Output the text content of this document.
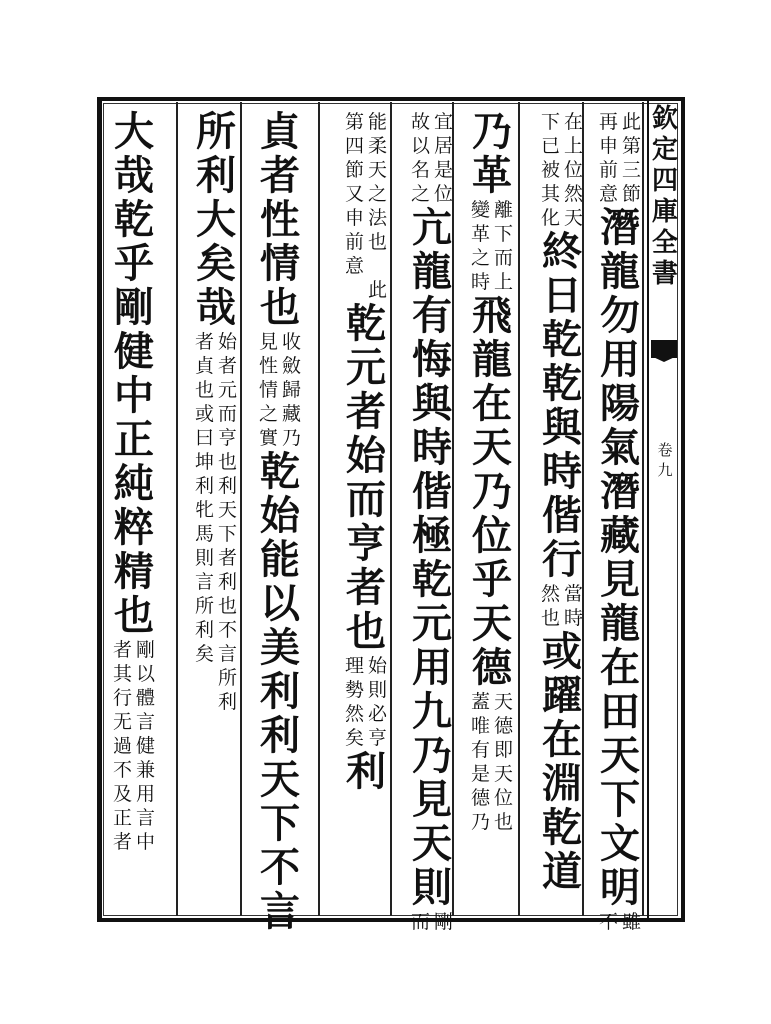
欽
定
四
庫
全
書
卷
九
此
第
三
節
再
申
前
意
潛
龍
勿
用
陽
氣
潛
藏
見
龍
在
田
天
下
文
明
雖
不
在
上
位
然
天
下
已
被
其
化
終
日
乾
乾
與
時
偕
行
當
時
然
也
或
躍
在
淵
乾
道
乃
革
離
下
而
上
變
革
之
時
飛
龍
在
天
乃
位
乎
天
德
天
德
即
天
位
也
蓋
唯
有
是
德
乃
宜
居
是
位
故
以
名
之
亢
龍
有
悔
與
時
偕
極
乾
元
用
九
乃
見
天
則
剛
而
能
柔
天
之
法
也
第
四
節
又
申
前
意
此
乾
元
者
始
而
亨
者
也
始
則
必
亨
理
勢
然
矣
利
貞
者
性
情
也
收
斂
歸
藏
乃
見
性
情
之
實
乾
始
能
以
美
利
利
天
下
不
言
所
利
大
矣
哉
始
者
元
而
亨
也
利
天
下
者
利
也
不
言
所
利
者
貞
也
或
曰
坤
利
牝
馬
則
言
所
利
矣
大
哉
乾
乎
剛
健
中
正
純
粹
精
也
剛
以
體
言
健
兼
用
言
中
者
其
行
无
過
不
及
正
者
